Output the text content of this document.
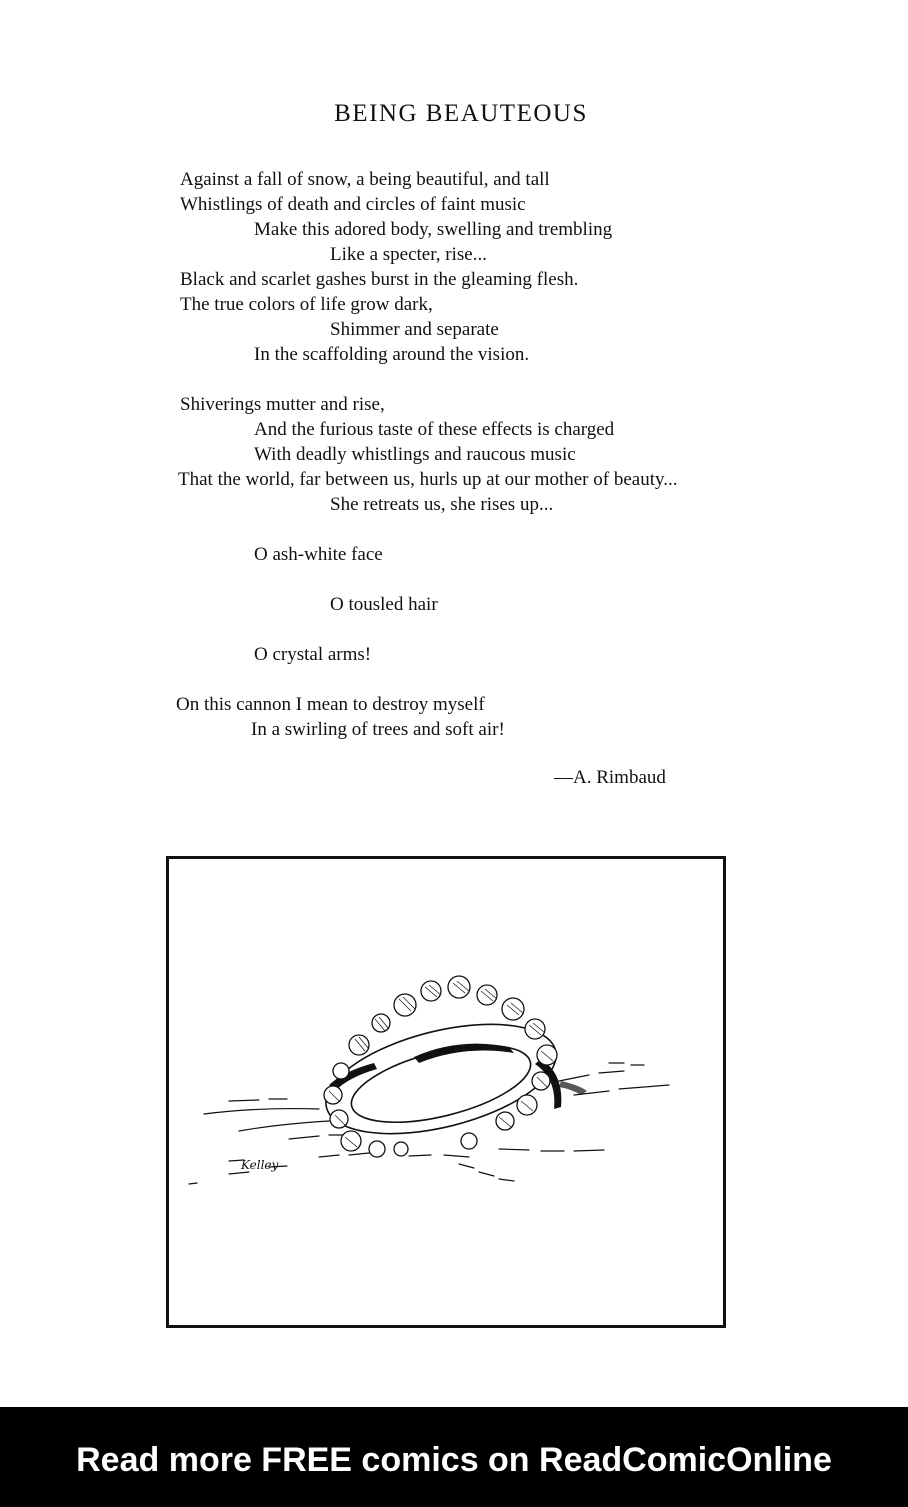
BEING BEAUTEOUS
Against a fall of snow, a being beautiful, and tall
Whistlings of death and circles of faint music
Make this adored body, swelling and trembling
Like a specter, rise...
Black and scarlet gashes burst in the gleaming flesh.
The true colors of life grow dark,
Shimmer and separate
In the scaffolding around the vision.
Shiverings mutter and rise,
And the furious taste of these effects is charged
With deadly whistlings and raucous music
That the world, far between us, hurls up at our mother of beauty...
She retreats us, she rises up...
O ash-white face
O tousled hair
O crystal arms!
On this cannon I mean to destroy myself
In a swirling of trees and soft air!
—A. Rimbaud
Kelley
Read more FREE comics on ReadComicOnline
